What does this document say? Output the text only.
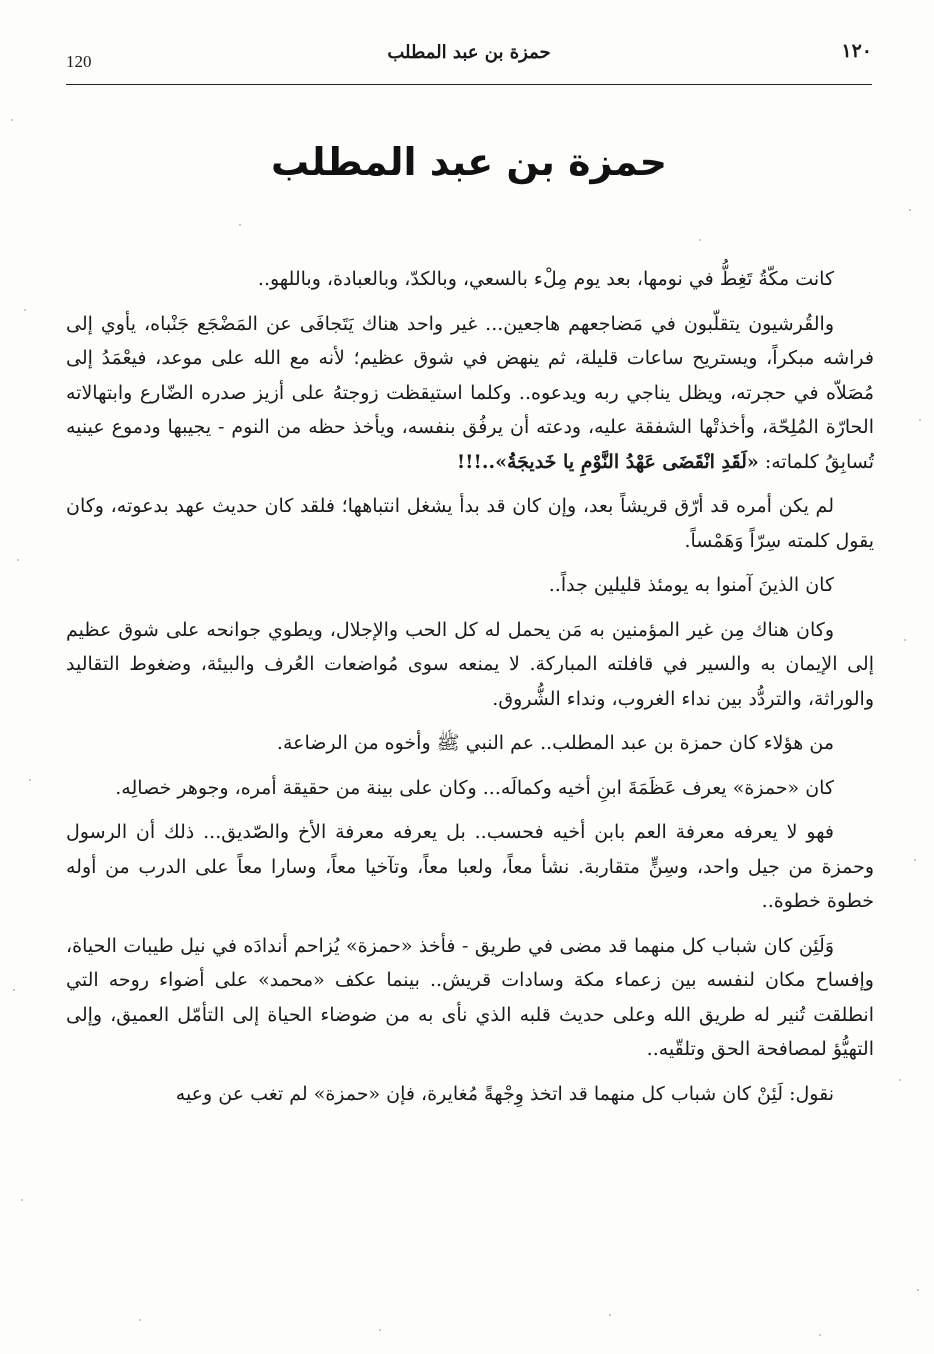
120	حمزة بن عبد المطلب	١٢٠
حمزة بن عبد المطلب

كانت مكّةُ تَغِطُّ في نومها، بعد يوم مِلْء بالسعي، وبالكدّ، وبالعبادة، وباللهو..

والقُرشيون يتقلّبون في مَضاجعهم هاجعين... غير واحد هناك يَتَجافَى عن المَضْجَع جَنْباه، يأوي إلى فراشه مبكراً، ويستريح ساعات قليلة، ثم ينهض في شوق عظيم؛ لأنه مع الله على موعد، فيعْمَدُ إلى مُصَلاّه في حجرته، ويظل يناجي ربه ويدعوه.. وكلما استيقظت زوجتهُ على أزيز صدره الضّارع وابتهالاته الحارّة المُلِحّة، وأخذتْها الشفقة عليه، ودعته أن يرفُق بنفسه، ويأخذ حظه من النوم - يجيبها ودموع عينيه تُسابِقُ كلماته: «لَقَدِ انْقَضَى عَهْدُ النَّوْمِ يا خَديجَةُ»..!!!

لم يكن أمره قد أرّق قريشاً بعد، وإن كان قد بدأ يشغل انتباهها؛ فلقد كان حديث عهد بدعوته، وكان يقول كلمته سِرّاً وَهَمْساً.

كان الذينَ آمنوا به يومئذ قليلين جداً..

وكان هناك مِن غير المؤمنين به مَن يحمل له كل الحب والإجلال، ويطوي جوانحه على شوق عظيم إلى الإيمان به والسير في قافلته المباركة. لا يمنعه سوى مُواضعات العُرف والبيئة، وضغوط التقاليد والوراثة، والتردُّد بين نداء الغروب، ونداء الشُّروق.

من هؤلاء كان حمزة بن عبد المطلب.. عم النبي ﷺ وأخوه من الرضاعة.

كان «حمزة» يعرف عَظَمَةَ ابنِ أخيه وكمالَه... وكان على بينة من حقيقة أمره، وجوهر خصالِه.

فهو لا يعرفه معرفة العم بابن أخيه فحسب.. بل يعرفه معرفة الأخ والصّديق... ذلك أن الرسول وحمزة من جيل واحد، وسِنٍّ متقاربة. نشأ معاً، ولعبا معاً، وتآخيا معاً، وسارا معاً على الدرب من أوله خطوة خطوة..

وَلَئِن كان شباب كل منهما قد مضى في طريق - فأخذ «حمزة» يُزاحم أندادَه في نيل طيبات الحياة، وإفساح مكان لنفسه بين زعماء مكة وسادات قريش.. بينما عكف «محمد» على أضواء روحه التي انطلقت تُنير له طريق الله وعلى حديث قلبه الذي نأى به من ضوضاء الحياة إلى التأمّل العميق، وإلى التهيُّؤ لمصافحة الحق وتلقّيه..

نقول: لَئِنْ كان شباب كل منهما قد اتخذ وِجْهةً مُغايرة، فإن «حمزة» لم تغب عن وعيه
